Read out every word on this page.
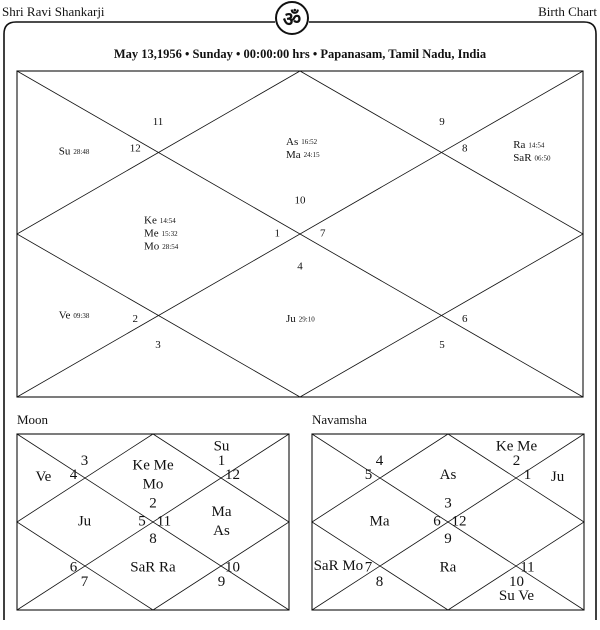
Shri Ravi Shankarji	Birth Chart
ॐ
May 13,1956 • Sunday • 00:00:00 hrs • Papanasam, Tamil Nadu, India
Moon	Navamsha
10
11
12
1
2
3
4
5
6
7
8
9
As 16:52
Ma 24:15
Su 28:48
Ke 14:54
Me 15:32
Mo 28:54
Ve 09:38	Ju 29:10
Ra 14:54
SaR 06:50
2
3
4
5
6
7
8
9
10
11
12
1
Ke Me
Mo
Ve
Ju
SaR Ra
Ma
As
Su
3
4
5
6
7
8
9
10
11
12
1
2
As
Ma
SaR Mo	Ra
Su Ve
Ju
Ke Me
